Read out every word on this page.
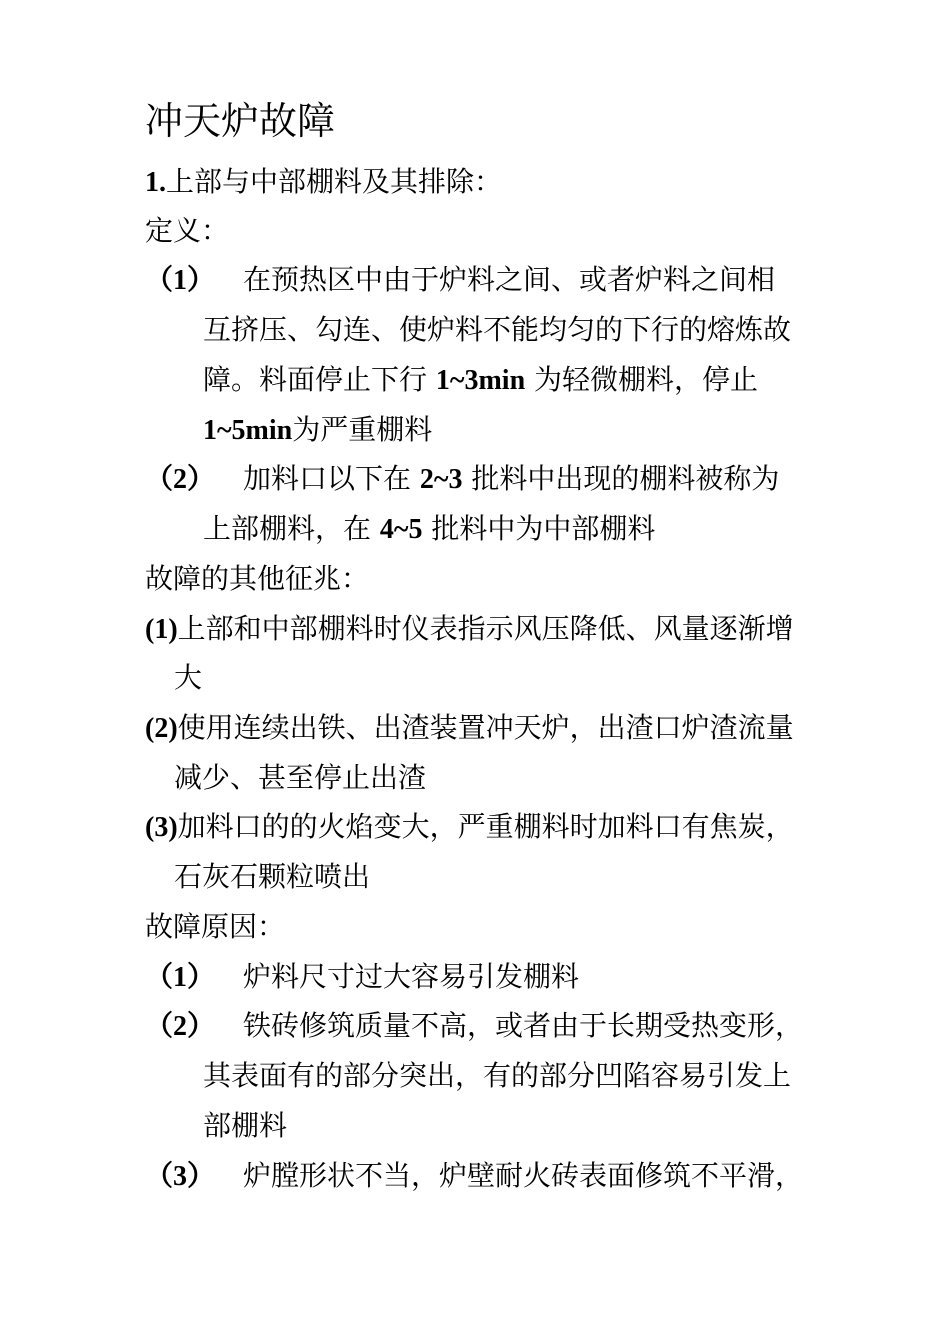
冲天炉故障
1.上部与中部棚料及其排除：
定义：
（1） 在预热区中由于炉料之间、或者炉料之间相
互挤压、勾连、使炉料不能均匀的下行的熔炼故
障。料面停止下行 1~3min 为轻微棚料，停止
1~5min为严重棚料
（2） 加料口以下在 2~3 批料中出现的棚料被称为
上部棚料，在 4~5 批料中为中部棚料
故障的其他征兆：
(1)上部和中部棚料时仪表指示风压降低、风量逐渐增
大
(2)使用连续出铁、出渣装置冲天炉，出渣口炉渣流量
减少、甚至停止出渣
(3)加料口的的火焰变大，严重棚料时加料口有焦炭，
石灰石颗粒喷出
故障原因：
（1） 炉料尺寸过大容易引发棚料
（2） 铁砖修筑质量不高，或者由于长期受热变形，
其表面有的部分突出，有的部分凹陷容易引发上
部棚料
（3） 炉膛形状不当，炉壁耐火砖表面修筑不平滑，
